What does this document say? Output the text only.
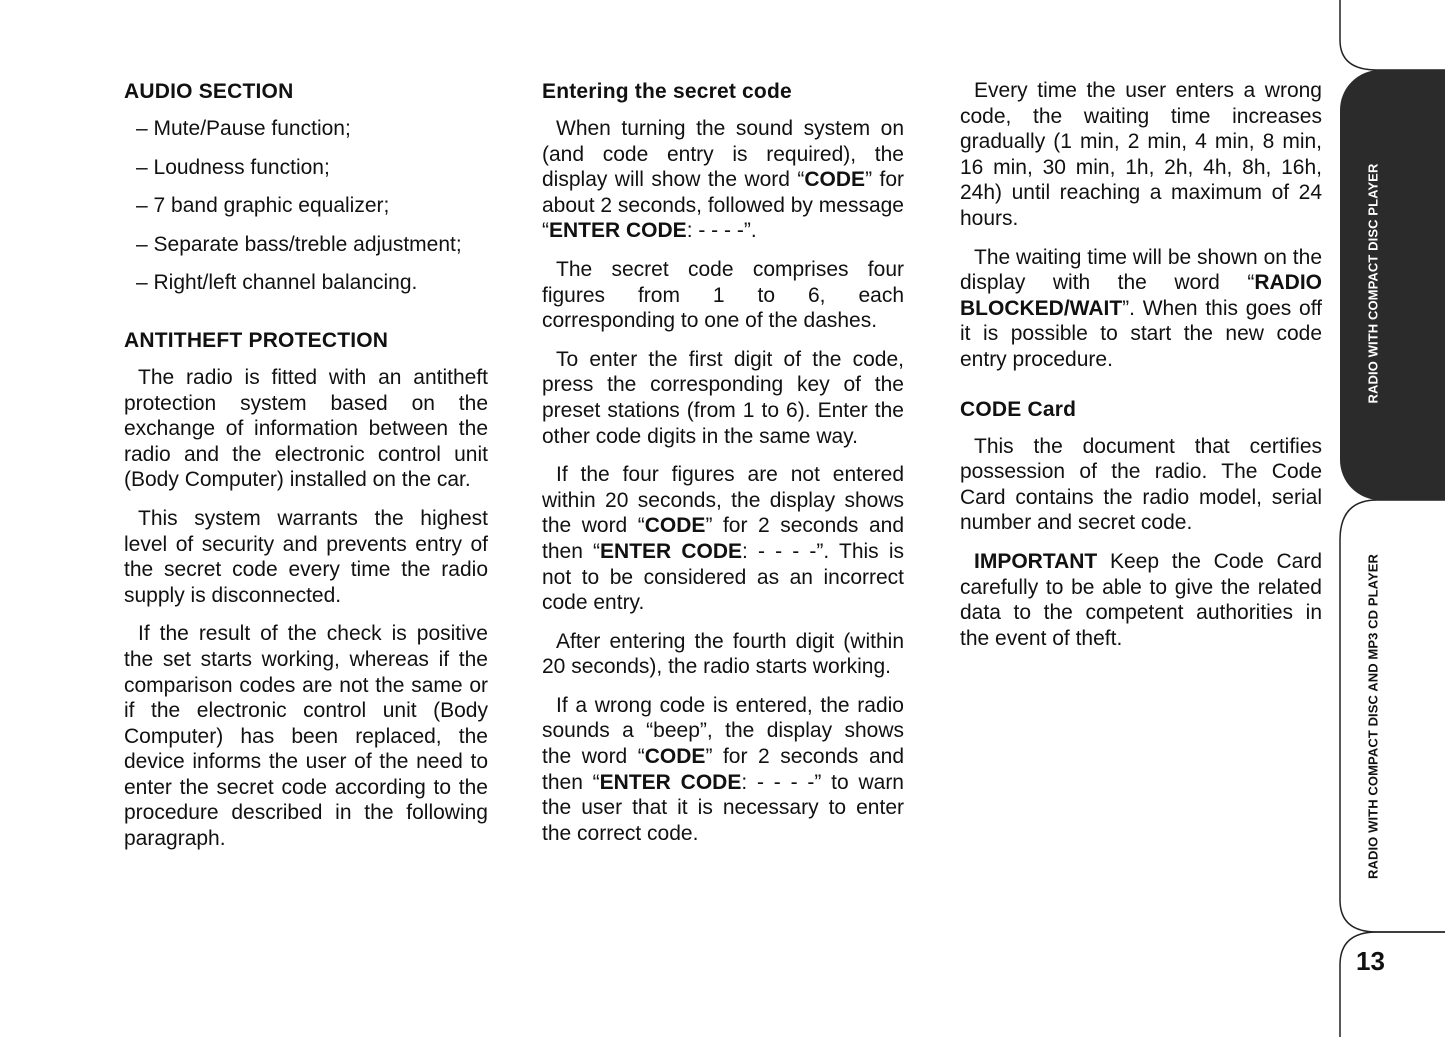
RADIO WITH COMPACT DISC PLAYER
RADIO WITH COMPACT DISC AND MP3 CD PLAYER
13
AUDIO SECTION
– Mute/Pause function;
– Loudness function;
– 7 band graphic equalizer;
– Separate bass/treble adjustment;
– Right/left channel balancing.
ANTITHEFT PROTECTION

The radio is fitted with an antitheft protection system based on the exchange of information between the radio and the electronic control unit (Body Computer) installed on the car.

This system warrants the highest level of security and prevents entry of the secret code every time the radio supply is disconnected.

If the result of the check is positive the set starts working, whereas if the comparison codes are not the same or if the electronic control unit (Body Computer) has been replaced, the device informs the user of the need to enter the secret code according to the procedure described in the following paragraph.

Entering the secret code

When turning the sound system on (and code entry is required), the display will show the word “CODE” for about 2 seconds, followed by message “ENTER CODE: - - - -”.

The secret code comprises four figures from 1 to 6, each corresponding to one of the dashes.

To enter the first digit of the code, press the corresponding key of the preset stations (from 1 to 6). Enter the other code digits in the same way.

If the four figures are not entered within 20 seconds, the display shows the word “CODE” for 2 seconds and then “ENTER CODE: - - - -”. This is not to be considered as an incorrect code entry.

After entering the fourth digit (within 20 seconds), the radio starts working.

If a wrong code is entered, the radio sounds a “beep”, the display shows the word “CODE” for 2 seconds and then “ENTER CODE: - - - -” to warn the user that it is necessary to enter the correct code.

Every time the user enters a wrong code, the waiting time increases gradually (1 min, 2 min, 4 min, 8 min, 16 min, 30 min, 1h, 2h, 4h, 8h, 16h, 24h) until reaching a maximum of 24 hours.

The waiting time will be shown on the display with the word “RADIO BLOCKED/WAIT”. When this goes off it is possible to start the new code entry procedure.

CODE Card

This the document that certifies possession of the radio. The Code Card contains the radio model, serial number and secret code.

IMPORTANT Keep the Code Card carefully to be able to give the related data to the competent authorities in the event of theft.
